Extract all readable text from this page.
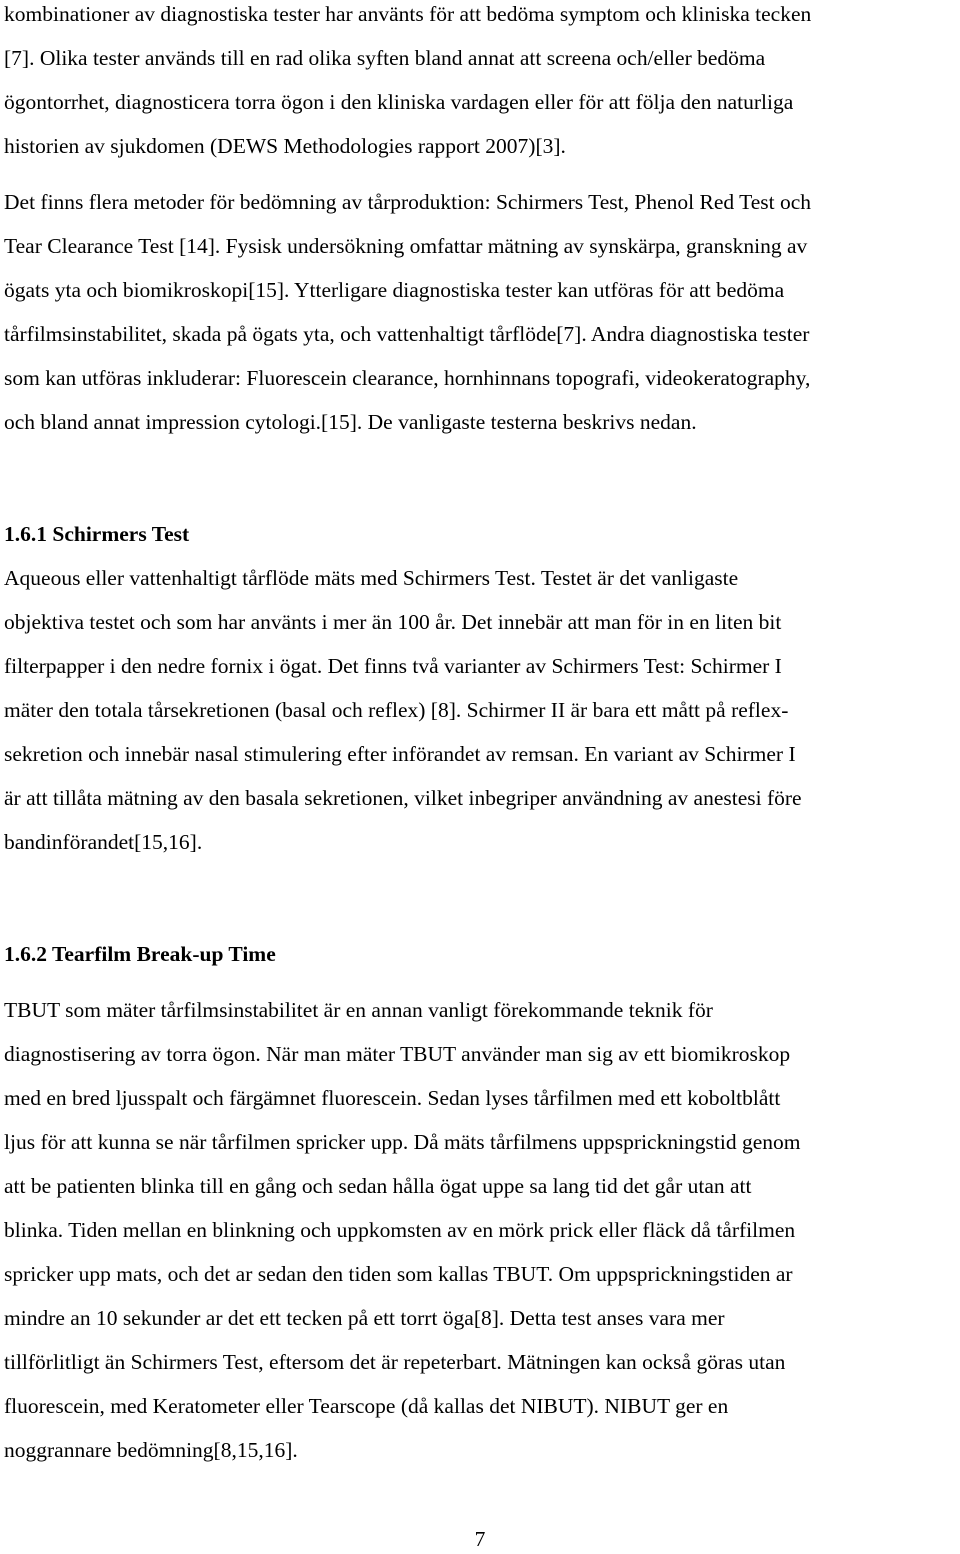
kombinationer av diagnostiska tester har använts för att bedöma symptom och kliniska tecken
[7]. Olika tester används till en rad olika syften bland annat att screena och/eller bedöma
ögontorrhet, diagnosticera torra ögon i den kliniska vardagen eller för att följa den naturliga
historien av sjukdomen (DEWS Methodologies rapport 2007)[3].
Det finns flera metoder för bedömning av tårproduktion: Schirmers Test, Phenol Red Test och
Tear Clearance Test [14]. Fysisk undersökning omfattar mätning av synskärpa, granskning av
ögats yta och biomikroskopi[15]. Ytterligare diagnostiska tester kan utföras för att bedöma
tårfilmsinstabilitet, skada på ögats yta, och vattenhaltigt tårflöde[7]. Andra diagnostiska tester
som kan utföras inkluderar: Fluorescein clearance, hornhinnans topografi, videokeratography,
och bland annat impression cytologi.[15]. De vanligaste testerna beskrivs nedan.
1.6.1 Schirmers Test
Aqueous eller vattenhaltigt tårflöde mäts med Schirmers Test. Testet är det vanligaste
objektiva testet och som har använts i mer än 100 år. Det innebär att man för in en liten bit
filterpapper i den nedre fornix i ögat. Det finns två varianter av Schirmers Test: Schirmer I
mäter den totala tårsekretionen (basal och reflex) [8]. Schirmer II är bara ett mått på reflex-
sekretion och innebär nasal stimulering efter införandet av remsan. En variant av Schirmer I
är att tillåta mätning av den basala sekretionen, vilket inbegriper användning av anestesi före
bandinförandet[15,16].
1.6.2 Tearfilm Break-up Time
TBUT som mäter tårfilmsinstabilitet är en annan vanligt förekommande teknik för
diagnostisering av torra ögon. När man mäter TBUT använder man sig av ett biomikroskop
med en bred ljusspalt och färgämnet fluorescein. Sedan lyses tårfilmen med ett koboltblått
ljus för att kunna se när tårfilmen spricker upp. Då mäts tårfilmens uppsprickningstid genom
att be patienten blinka till en gång och sedan hålla ögat uppe sa lang tid det går utan att
blinka. Tiden mellan en blinkning och uppkomsten av en mörk prick eller fläck då tårfilmen
spricker upp mats, och det ar sedan den tiden som kallas TBUT. Om uppsprickningstiden ar
mindre an 10 sekunder ar det ett tecken på ett torrt öga[8]. Detta test anses vara mer
tillförlitligt än Schirmers Test, eftersom det är repeterbart. Mätningen kan också göras utan
fluorescein, med Keratometer eller Tearscope (då kallas det NIBUT). NIBUT ger en
noggrannare bedömning[8,15,16].
7
